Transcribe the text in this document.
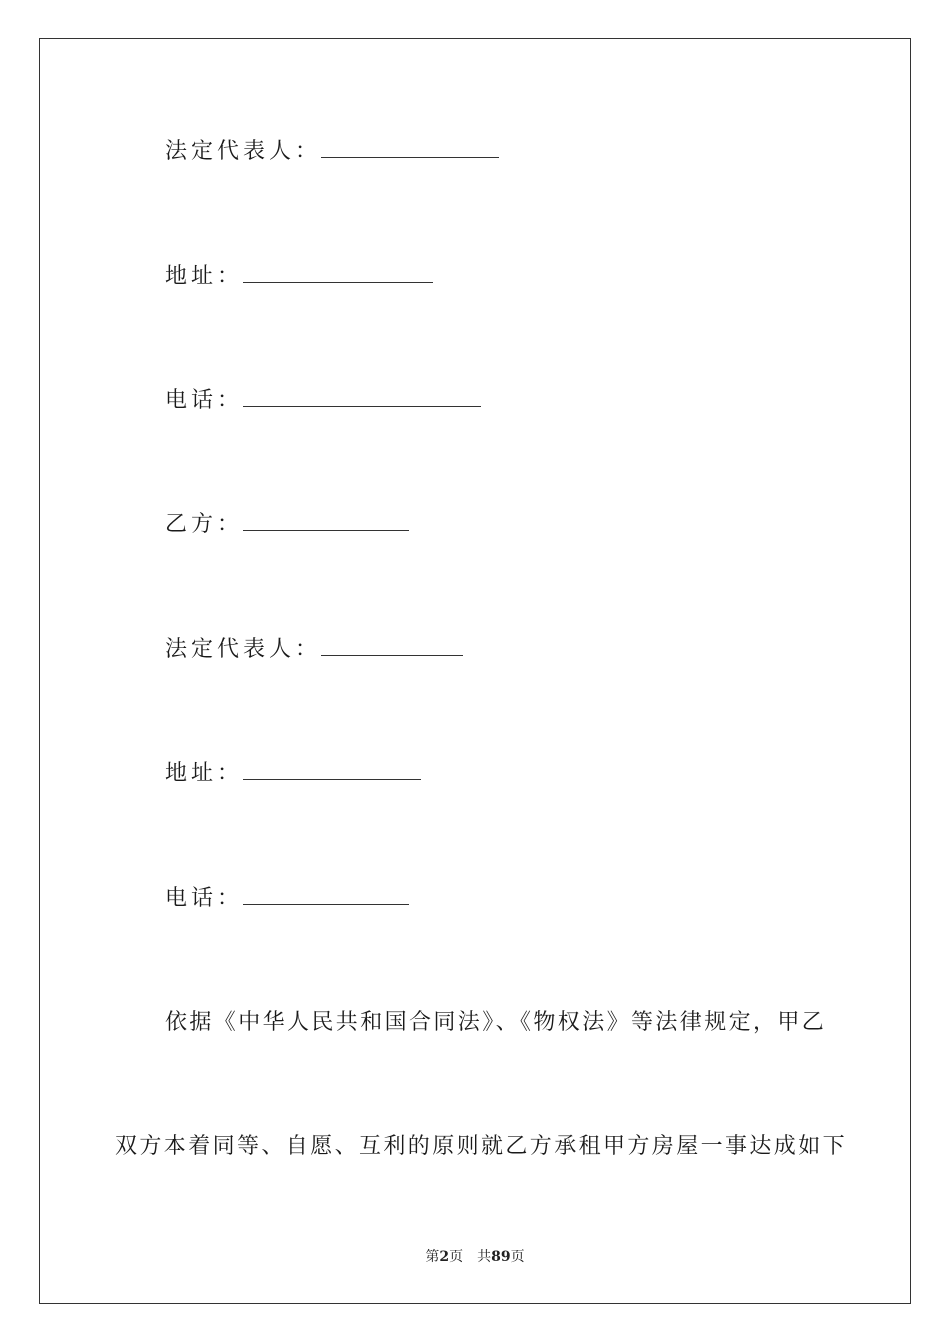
法定代表人：
地址：
电话：
乙方：
法定代表人：
地址：
电话：
依据《中华人民共和国合同法》、《物权法》等法律规定，甲乙
双方本着同等、自愿、互利的原则就乙方承租甲方房屋一事达成如下
第2页 共89页
